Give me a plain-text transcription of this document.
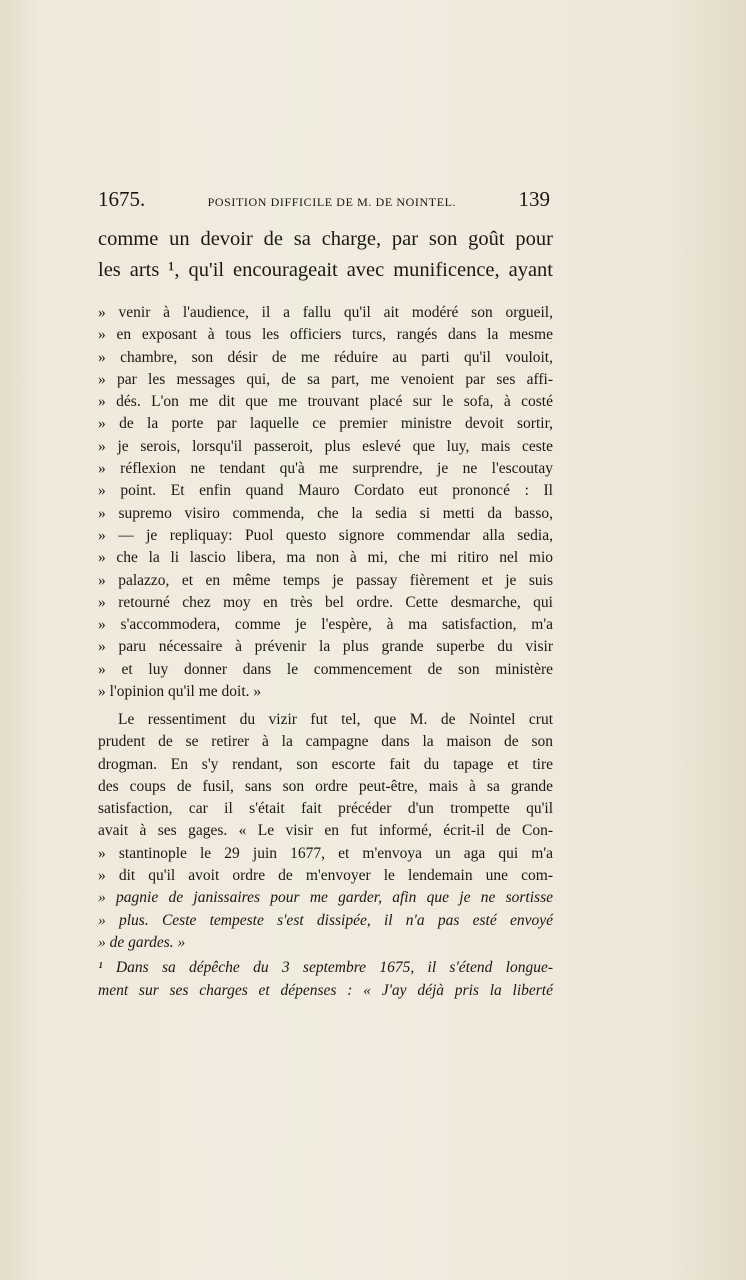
1675.	POSITION DIFFICILE DE M. DE NOINTEL.	139
comme un devoir de sa charge, par son goût pour
les arts ¹, qu'il encourageait avec munificence, ayant
» venir à l'audience, il a fallu qu'il ait modéré son orgueil,
» en exposant à tous les officiers turcs, rangés dans la mesme
» chambre, son désir de me réduire au parti qu'il vouloit,
» par les messages qui, de sa part, me venoient par ses affi-
» dés. L'on me dit que me trouvant placé sur le sofa, à costé
» de la porte par laquelle ce premier ministre devoit sortir,
» je serois, lorsqu'il passeroit, plus eslevé que luy, mais ceste
» réflexion ne tendant qu'à me surprendre, je ne l'escoutay
» point. Et enfin quand Mauro Cordato eut prononcé : Il
» supremo visiro commenda, che la sedia si metti da basso,
» — je repliquay: Puol questo signore commendar alla sedia,
» che la li lascio libera, ma non à mi, che mi ritiro nel mio
» palazzo, et en même temps je passay fièrement et je suis
» retourné chez moy en très bel ordre. Cette desmarche, qui
» s'accommodera, comme je l'espère, à ma satisfaction, m'a
» paru nécessaire à prévenir la plus grande superbe du visir
» et luy donner dans le commencement de son ministère
» l'opinion qu'il me doit. »
Le ressentiment du vizir fut tel, que M. de Nointel crut
prudent de se retirer à la campagne dans la maison de son
drogman. En s'y rendant, son escorte fait du tapage et tire
des coups de fusil, sans son ordre peut-être, mais à sa grande
satisfaction, car il s'était fait précéder d'un trompette qu'il
avait à ses gages. « Le visir en fut informé, écrit-il de Con-
» stantinople le 29 juin 1677, et m'envoya un aga qui m'a
» dit qu'il avoit ordre de m'envoyer le lendemain une com-
» pagnie de janissaires pour me garder, afin que je ne sortisse
» plus. Ceste tempeste s'est dissipée, il n'a pas esté envoyé
» de gardes. »
¹ Dans sa dépêche du 3 septembre 1675, il s'étend longue-
ment sur ses charges et dépenses : « J'ay déjà pris la liberté
